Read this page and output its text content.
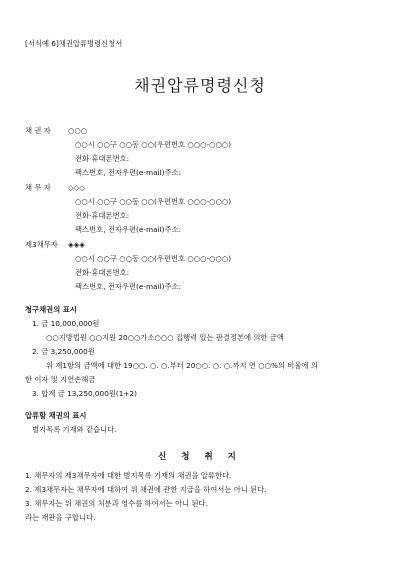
[서식예 6]채권압류명령신청서
채권압류명령신청
채 권 자 ○○○
○○시 ○○구 ○○동 ○○(우편번호 ○○○-○○○)
전화·휴대폰번호:
팩스번호, 전자우편(e-mail)주소:
채 무 자 ◇◇◇
○○시 ○○구 ○○동 ○○(우편번호 ○○○-○○○)
전화·휴대폰번호:
팩스번호, 전자우편(e-mail)주소:
제3채무자 ◈◈◈
○○시 ○○구 ○○동 ○○(우편번호 ○○○-○○○)
전화·휴대폰번호:
팩스번호, 전자우편(e-mail)주소:
청구채권의 표시
1. 금 10,000,000원
○○지방법원 ○○지원 20○○가소○○○ 집행력 있는 판결정본에 의한 금액
2. 금 3,250,000원
위 제1항의 금액에 대한 19○○. ○. ○.부터 20○○. ○. ○.까지 연 ○○%의 비율에 의
한 이자 및 지연손해금
3. 합계 금 13,250,000원(1+2)
압류할 채권의 표시
별지목록 기재와 같습니다.
신 청 취 지
1. 채무자의 제3채무자에 대한 별지목록 기재의 채권을 압류한다.
2. 제3채무자는 채무자에 대하여 위 채권에 관한 지급을 하여서는 아니 된다.
3. 채무자는 위 채권의 처분과 영수를 하여서는 아니 된다.
라는 재판을 구합니다.
